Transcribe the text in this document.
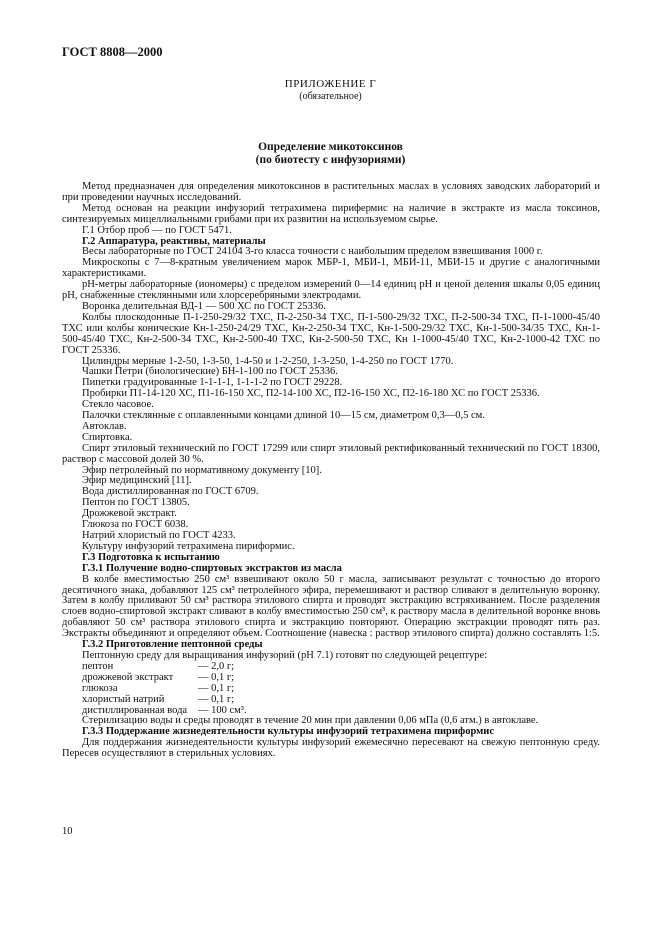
ГОСТ 8808—2000
ПРИЛОЖЕНИЕ Г
(обязательное)
Определение микотоксинов
(по биотесту с инфузориями)

Метод предназначен для определения микотоксинов в растительных маслах в условиях заводских лабораторий и при проведении научных исследований.

Метод основан на реакции инфузорий тетрахимена пирифермис на наличие в экстракте из масла токсинов, синтезируемых мицеллиальными грибами при их развитии на используемом сырье.

Г.1 Отбор проб — по ГОСТ 5471.

Г.2 Аппаратура, реактивы, материалы

Весы лабораторные по ГОСТ 24104 3-го класса точности с наибольшим пределом взвешивания 1000 г.

Микроскопы с 7—8-кратным увеличением марок МБР-1, МБИ-1, МБИ-11, МБИ-15 и другие с аналогичными характеристиками.

рН-метры лабораторные (иономеры) с пределом измерений 0—14 единиц рН и ценой деления шкалы 0,05 единиц рН, снабженные стеклянными или хлорсеребряными электродами.

Воронка делительная ВД-1 — 500 ХС по ГОСТ 25336.

Колбы плоскодонные П-1-250-29/32 ТХС, П-2-250-34 ТХС, П-1-500-29/32 ТХС, П-2-500-34 ТХС, П-1-1000-45/40 ТХС или колбы конические Кн-1-250-24/29 ТХС, Кн-2-250-34 ТХС, Кн-1-500-29/32 ТХС, Кн-1-500-34/35 ТХС, Кн-1-500-45/40 ТХС, Кн-2-500-34 ТХС, Кн-2-500-40 ТХС, Кн-2-500-50 ТХС, Кн 1-1000-45/40 ТХС, Кн-2-1000-42 ТХС по ГОСТ 25336.

Цилиндры мерные 1-2-50, 1-3-50, 1-4-50 и 1-2-250, 1-3-250, 1-4-250 по ГОСТ 1770.

Чашки Петри (биологические) БН-1-100 по ГОСТ 25336.

Пипетки градуированные 1-1-1-1, 1-1-1-2 по ГОСТ 29228.

Пробирки П1-14-120 ХС, П1-16-150 ХС, П2-14-100 ХС, П2-16-150 ХС, П2-16-180 ХС по ГОСТ 25336.

Стекло часовое.

Палочки стеклянные с оплавленными концами длиной 10—15 см, диаметром 0,3—0,5 см.

Автоклав.

Спиртовка.

Спирт этиловый технический по ГОСТ 17299 или спирт этиловый ректификованный технический по ГОСТ 18300, раствор с массовой долей 30 %.

Эфир петролейный по нормативному документу [10].

Эфир медицинский [11].

Вода дистиллированная по ГОСТ 6709.

Пептон по ГОСТ 13805.

Дрожжевой экстракт.

Глюкоза по ГОСТ 6038.

Натрий хлористый по ГОСТ 4233.

Культуру инфузорий тетрахимена пириформис.

Г.3 Подготовка к испытанию

Г.3.1 Получение водно-спиртовых экстрактов из масла

В колбе вместимостью 250 см³ взвешивают около 50 г масла, записывают результат с точностью до второго десятичного знака, добавляют 125 см³ петролейного эфира, перемешивают и раствор сливают в делительную воронку. Затем в колбу приливают 50 см³ раствора этилового спирта и проводят экстракцию встряхиванием. После разделения слоев водно-спиртовой экстракт сливают в колбу вместимостью 250 см³, к раствору масла в делительной воронке вновь добавляют 50 см³ раствора этилового спирта и экстракцию повторяют. Операцию экстракции проводят пять раз. Экстракты объединяют и определяют объем. Соотношение (навеска : раствор этилового спирта) должно составлять 1:5.

Г.3.2 Приготовление пептонной среды

Пептонную среду для выращивания инфузорий (рН 7.1) готовят по следующей рецептуре:

пептон	— 2,0 г;
дрожжевой экстракт	— 0,1 г;
глюкоза	— 0,1 г;
хлористый натрий	— 0,1 г;
дистиллированная вода	— 100 см³.

Стерилизацию воды и среды проводят в течение 20 мин при давлении 0,06 мПа (0,6 атм.) в автоклаве.

Г.3.3 Поддержание жизнедеятельности культуры инфузорий тетрахимена пириформис

Для поддержания жизнедеятельности культуры инфузорий ежемесячно пересевают на свежую пептонную среду. Пересев осуществляют в стерильных условиях.

10
